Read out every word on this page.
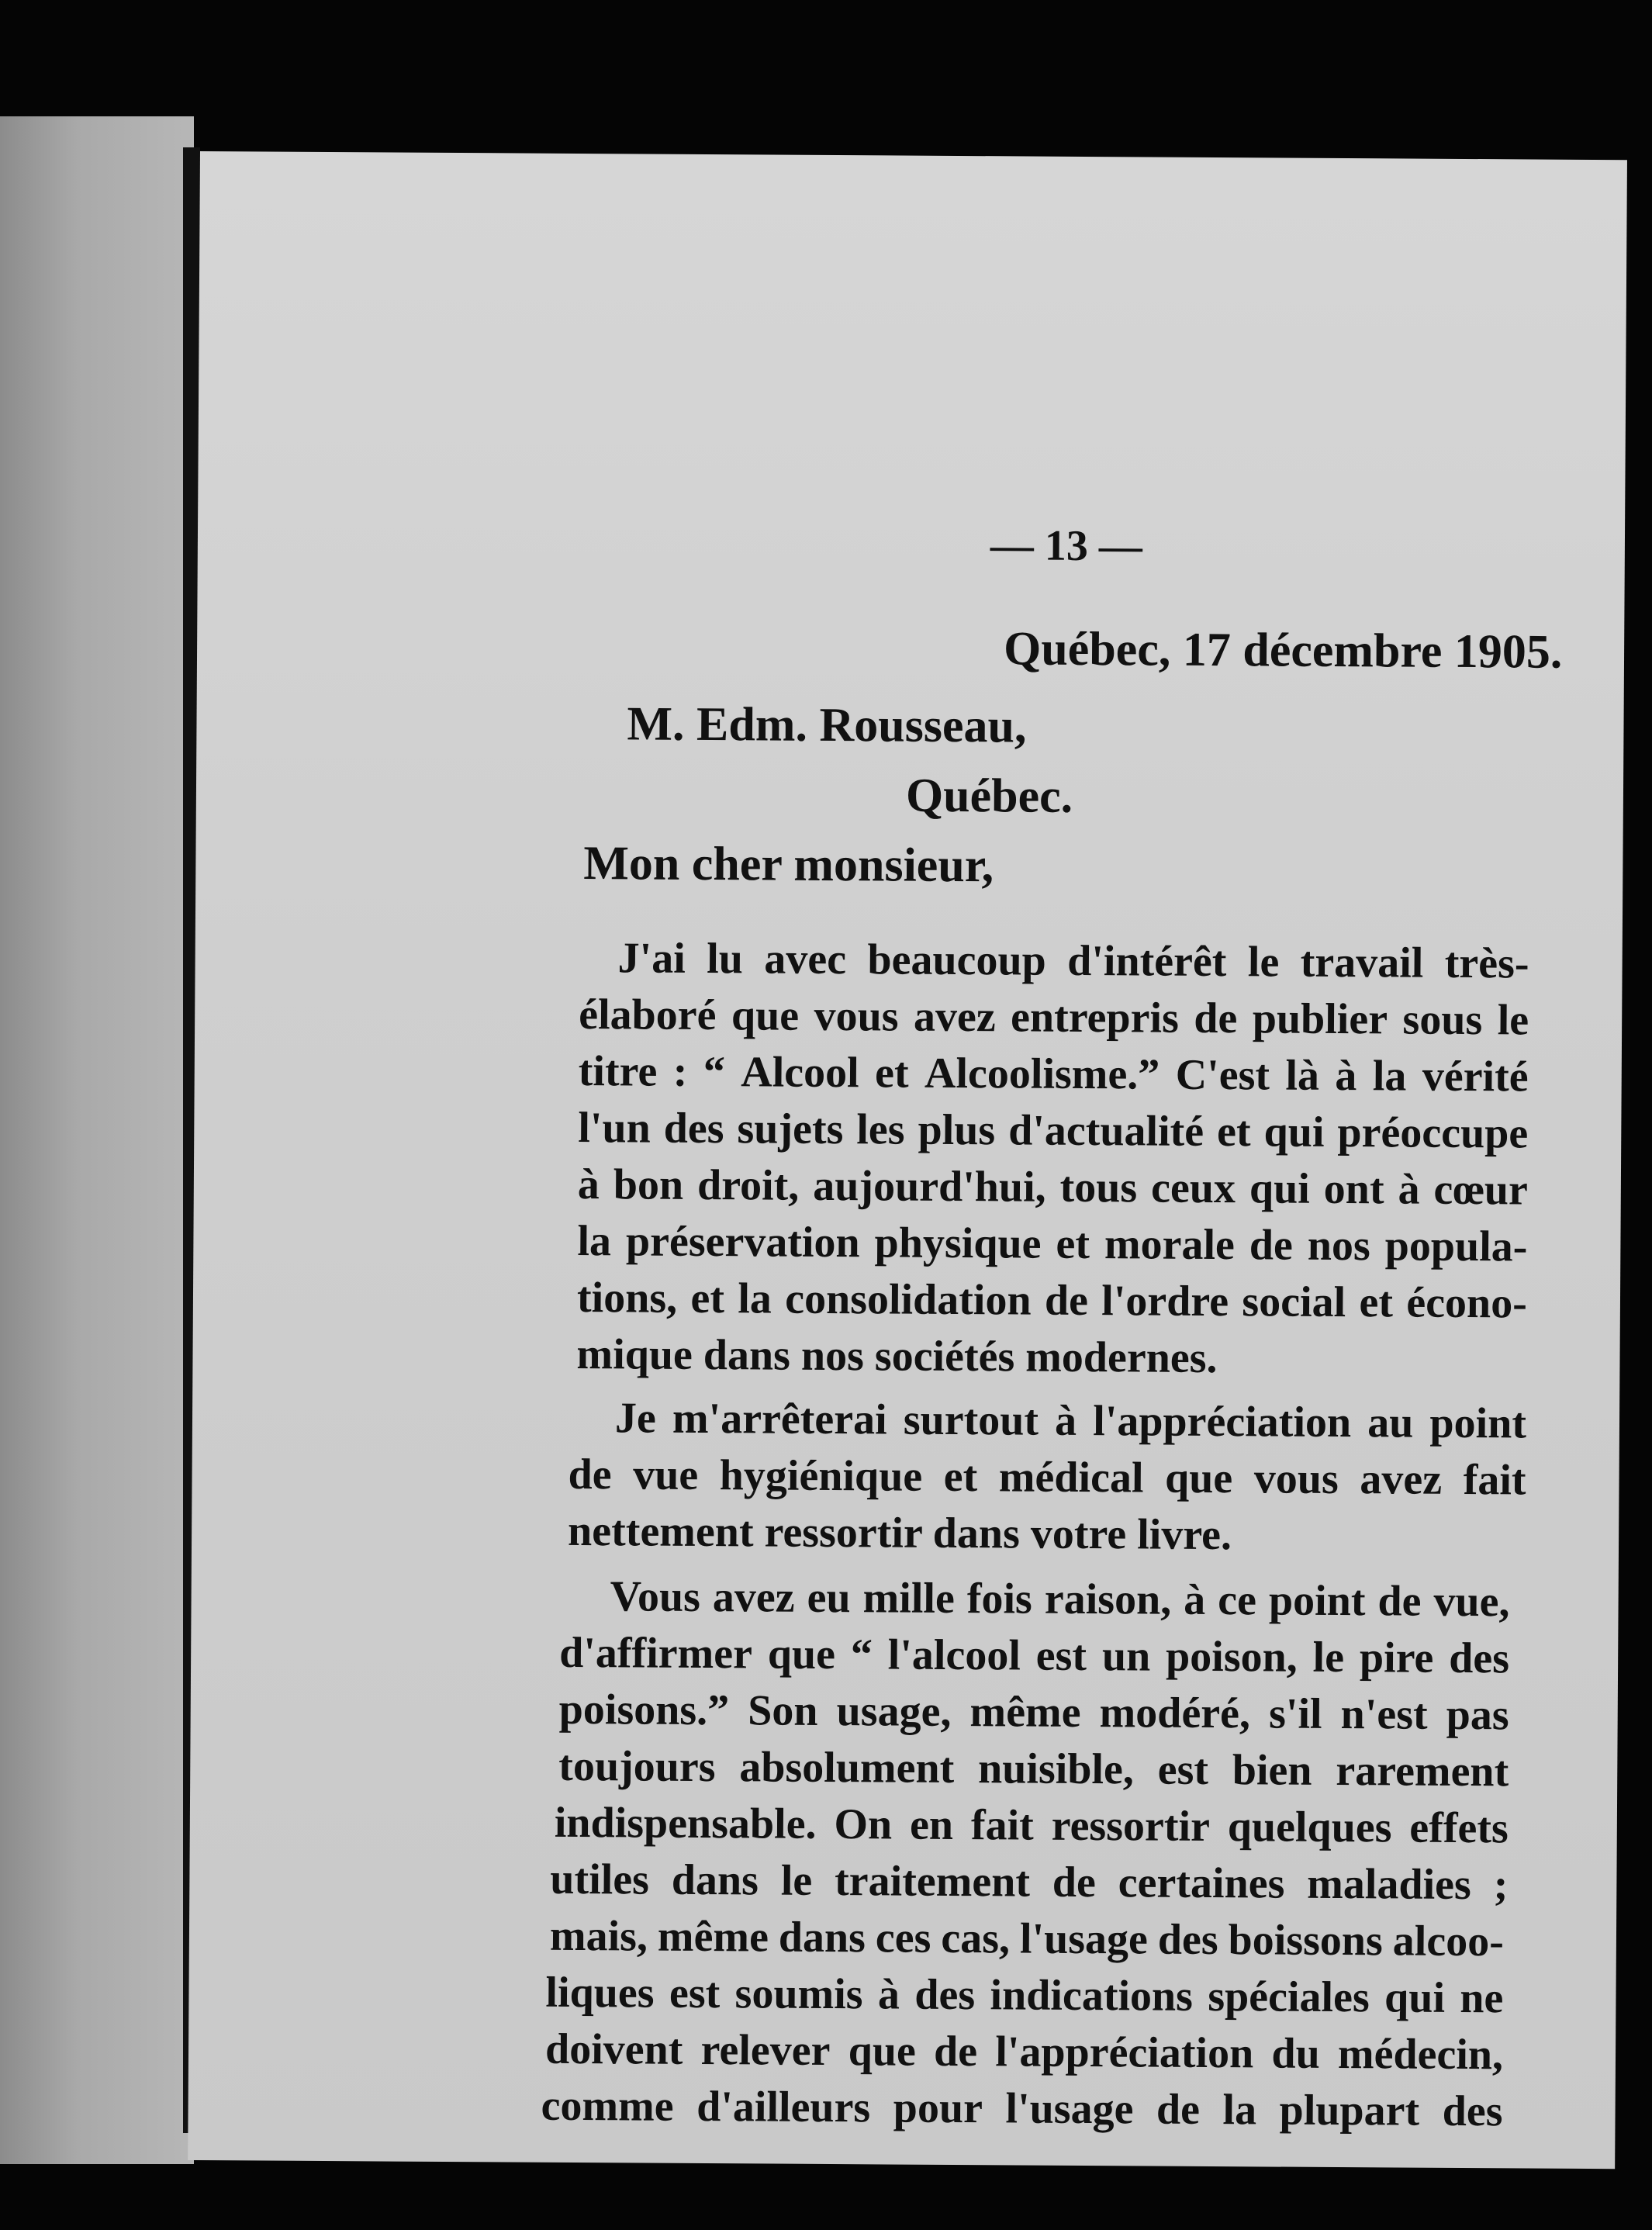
— 13 —
Québec, 17 décembre 1905.
M. Edm. Rousseau,
Québec.
Mon cher monsieur,
J'ai lu avec beaucoup d'intérêt le travail très-
élaboré que vous avez entrepris de publier sous le
titre : “ Alcool et Alcoolisme.” C'est là à la vérité
l'un des sujets les plus d'actualité et qui préoccupe
à bon droit, aujourd'hui, tous ceux qui ont à cœur
la préservation physique et morale de nos popula-
tions, et la consolidation de l'ordre social et écono-
mique dans nos sociétés modernes.
Je m'arrêterai surtout à l'appréciation au point
de vue hygiénique et médical que vous avez fait
nettement ressortir dans votre livre.
Vous avez eu mille fois raison, à ce point de vue,
d'affirmer que “ l'alcool est un poison, le pire des
poisons.” Son usage, même modéré, s'il n'est pas
toujours absolument nuisible, est bien rarement
indispensable. On en fait ressortir quelques effets
utiles dans le traitement de certaines maladies ;
mais, même dans ces cas, l'usage des boissons alcoo-
liques est soumis à des indications spéciales qui ne
doivent relever que de l'appréciation du médecin,
comme d'ailleurs pour l'usage de la plupart des
